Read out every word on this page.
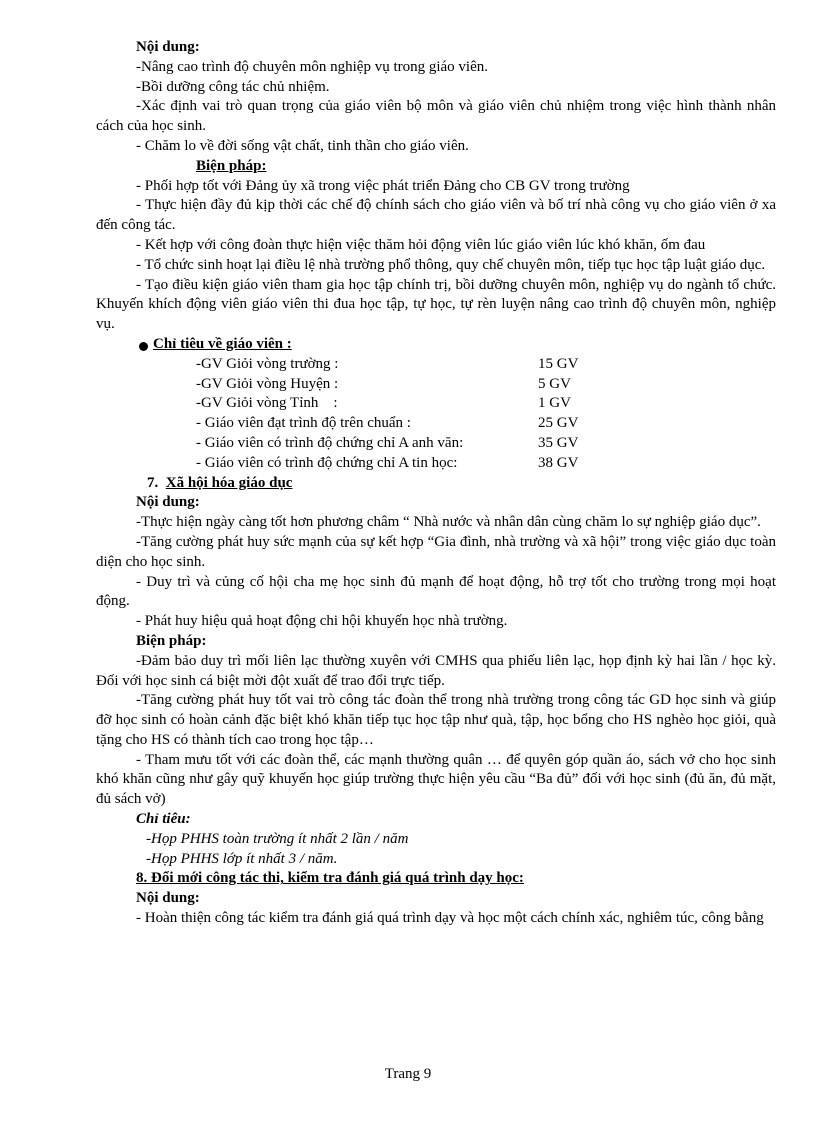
Nội dung:

-Nâng cao trình độ chuyên môn nghiệp vụ trong giáo viên.

-Bồi dưỡng công tác chủ nhiệm.

-Xác định vai trò quan trọng của giáo viên bộ môn và giáo viên chủ nhiệm trong việc hình thành nhân cách của học sinh.

- Chăm lo về đời sống vật chất, tinh thần cho giáo viên.

Biện pháp:

- Phối hợp tốt với Đảng ủy xã trong việc phát triển Đảng cho CB GV trong trường

- Thực hiện đầy đủ kịp thời các chế độ chính sách cho giáo viên và bố trí nhà công vụ cho giáo viên ở xa đến công tác.

- Kết hợp với công đoàn thực hiện việc thăm hỏi động viên lúc giáo viên lúc khó khăn, ốm đau

- Tổ chức sinh hoạt lại điều lệ nhà trường phổ thông, quy chế chuyên môn, tiếp tục học tập luật giáo dục.

- Tạo điều kiện giáo viên tham gia học tập chính trị, bồi dưỡng chuyên môn, nghiệp vụ do ngành tổ chức. Khuyến khích động viên giáo viên thi đua học tập, tự học, tự rèn luyện nâng cao trình độ chuyên môn, nghiệp vụ.

Chỉ tiêu về giáo viên :
-GV Giỏi vòng trường :	15 GV
-GV Giỏi vòng Huyện :	5 GV
-GV Giỏi vòng Tỉnh    :	1 GV
- Giáo viên đạt trình độ trên chuẩn :	25 GV
- Giáo viên có trình độ chứng chỉ A anh văn:	35 GV
- Giáo viên có trình độ chứng chỉ A tin học:	38 GV

7. Xã hội hóa giáo dục

Nội dung:

-Thực hiện ngày càng tốt hơn phương châm “ Nhà nước và nhân dân cùng chăm lo sự nghiệp giáo dục”.

-Tăng cường phát huy sức mạnh của sự kết hợp “Gia đình, nhà trường và xã hội” trong việc giáo dục toàn diện cho học sinh.

- Duy trì và củng cố hội cha mẹ học sinh đủ mạnh để hoạt động, hỗ trợ tốt cho trường trong mọi hoạt động.

- Phát huy hiệu quả hoạt động chi hội khuyến học nhà trường.

Biện pháp:

-Đảm bảo duy trì mối liên lạc thường xuyên với CMHS qua phiếu liên lạc, họp định kỳ hai lần / học kỳ. Đối với học sinh cá biệt mời đột xuất để trao đổi trực tiếp.

-Tăng cường phát huy tốt vai trò công tác đoàn thể trong nhà trường trong công tác GD học sinh và giúp đỡ học sinh có hoàn cảnh đặc biệt khó khăn tiếp tục học tập như quà, tập, học bổng cho HS nghèo học giỏi, quà tặng cho HS có thành tích cao trong học tập…

- Tham mưu tốt với các đoàn thể, các mạnh thường quân … để quyên góp quần áo, sách vở cho học sinh khó khăn cũng như gây quỹ khuyến học giúp trường thực hiện yêu cầu “Ba đủ” đối với học sinh (đủ ăn, đủ mặt, đủ sách vở)

Chỉ tiêu:

-Họp PHHS toàn trường ít nhất 2 lần / năm

-Họp PHHS lớp ít nhất 3 / năm.

8. Đổi mới công tác thi, kiểm tra đánh giá quá trình dạy học:

Nội dung:

- Hoàn thiện công tác kiểm tra đánh giá quá trình dạy và học một cách chính xác, nghiêm túc, công bằng

Trang 9
